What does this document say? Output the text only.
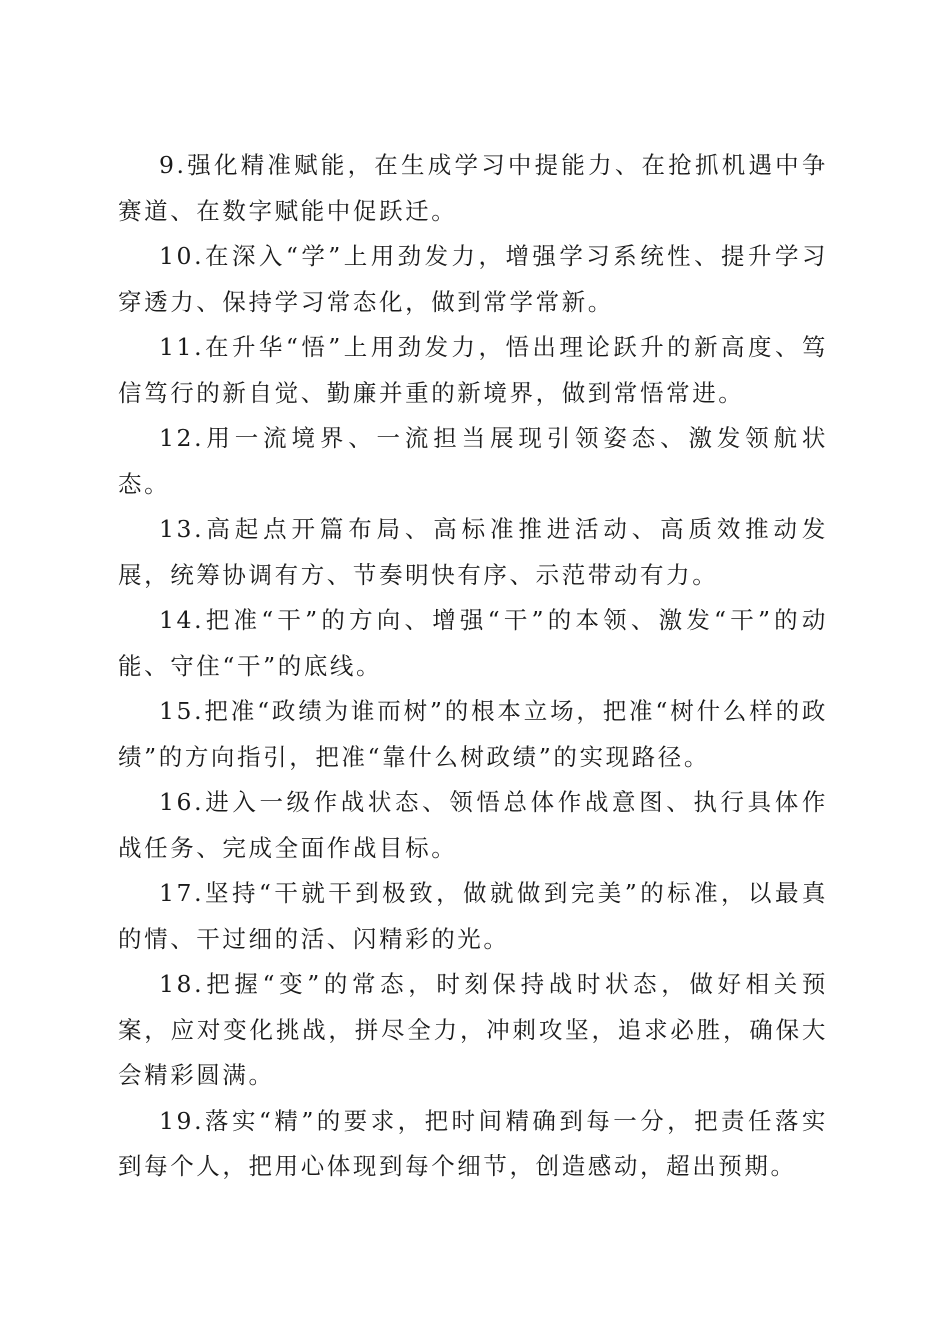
9.强化精准赋能，在生成学习中提能力、在抢抓机遇中争赛道、在数字赋能中促跃迁。

10.在深入“学”上用劲发力，增强学习系统性、提升学习穿透力、保持学习常态化，做到常学常新。

11.在升华“悟”上用劲发力，悟出理论跃升的新高度、笃信笃行的新自觉、勤廉并重的新境界，做到常悟常进。

12.用一流境界、一流担当展现引领姿态、激发领航状态。

13.高起点开篇布局、高标准推进活动、高质效推动发展，统筹协调有方、节奏明快有序、示范带动有力。

14.把准“干”的方向、增强“干”的本领、激发“干”的动能、守住“干”的底线。

15.把准“政绩为谁而树”的根本立场，把准“树什么样的政绩”的方向指引，把准“靠什么树政绩”的实现路径。

16.进入一级作战状态、领悟总体作战意图、执行具体作战任务、完成全面作战目标。

17.坚持“干就干到极致，做就做到完美”的标准，以最真的情、干过细的活、闪精彩的光。

18.把握“变”的常态，时刻保持战时状态，做好相关预案，应对变化挑战，拼尽全力，冲刺攻坚，追求必胜，确保大会精彩圆满。

19.落实“精”的要求，把时间精确到每一分，把责任落实到每个人，把用心体现到每个细节，创造感动，超出预期。
